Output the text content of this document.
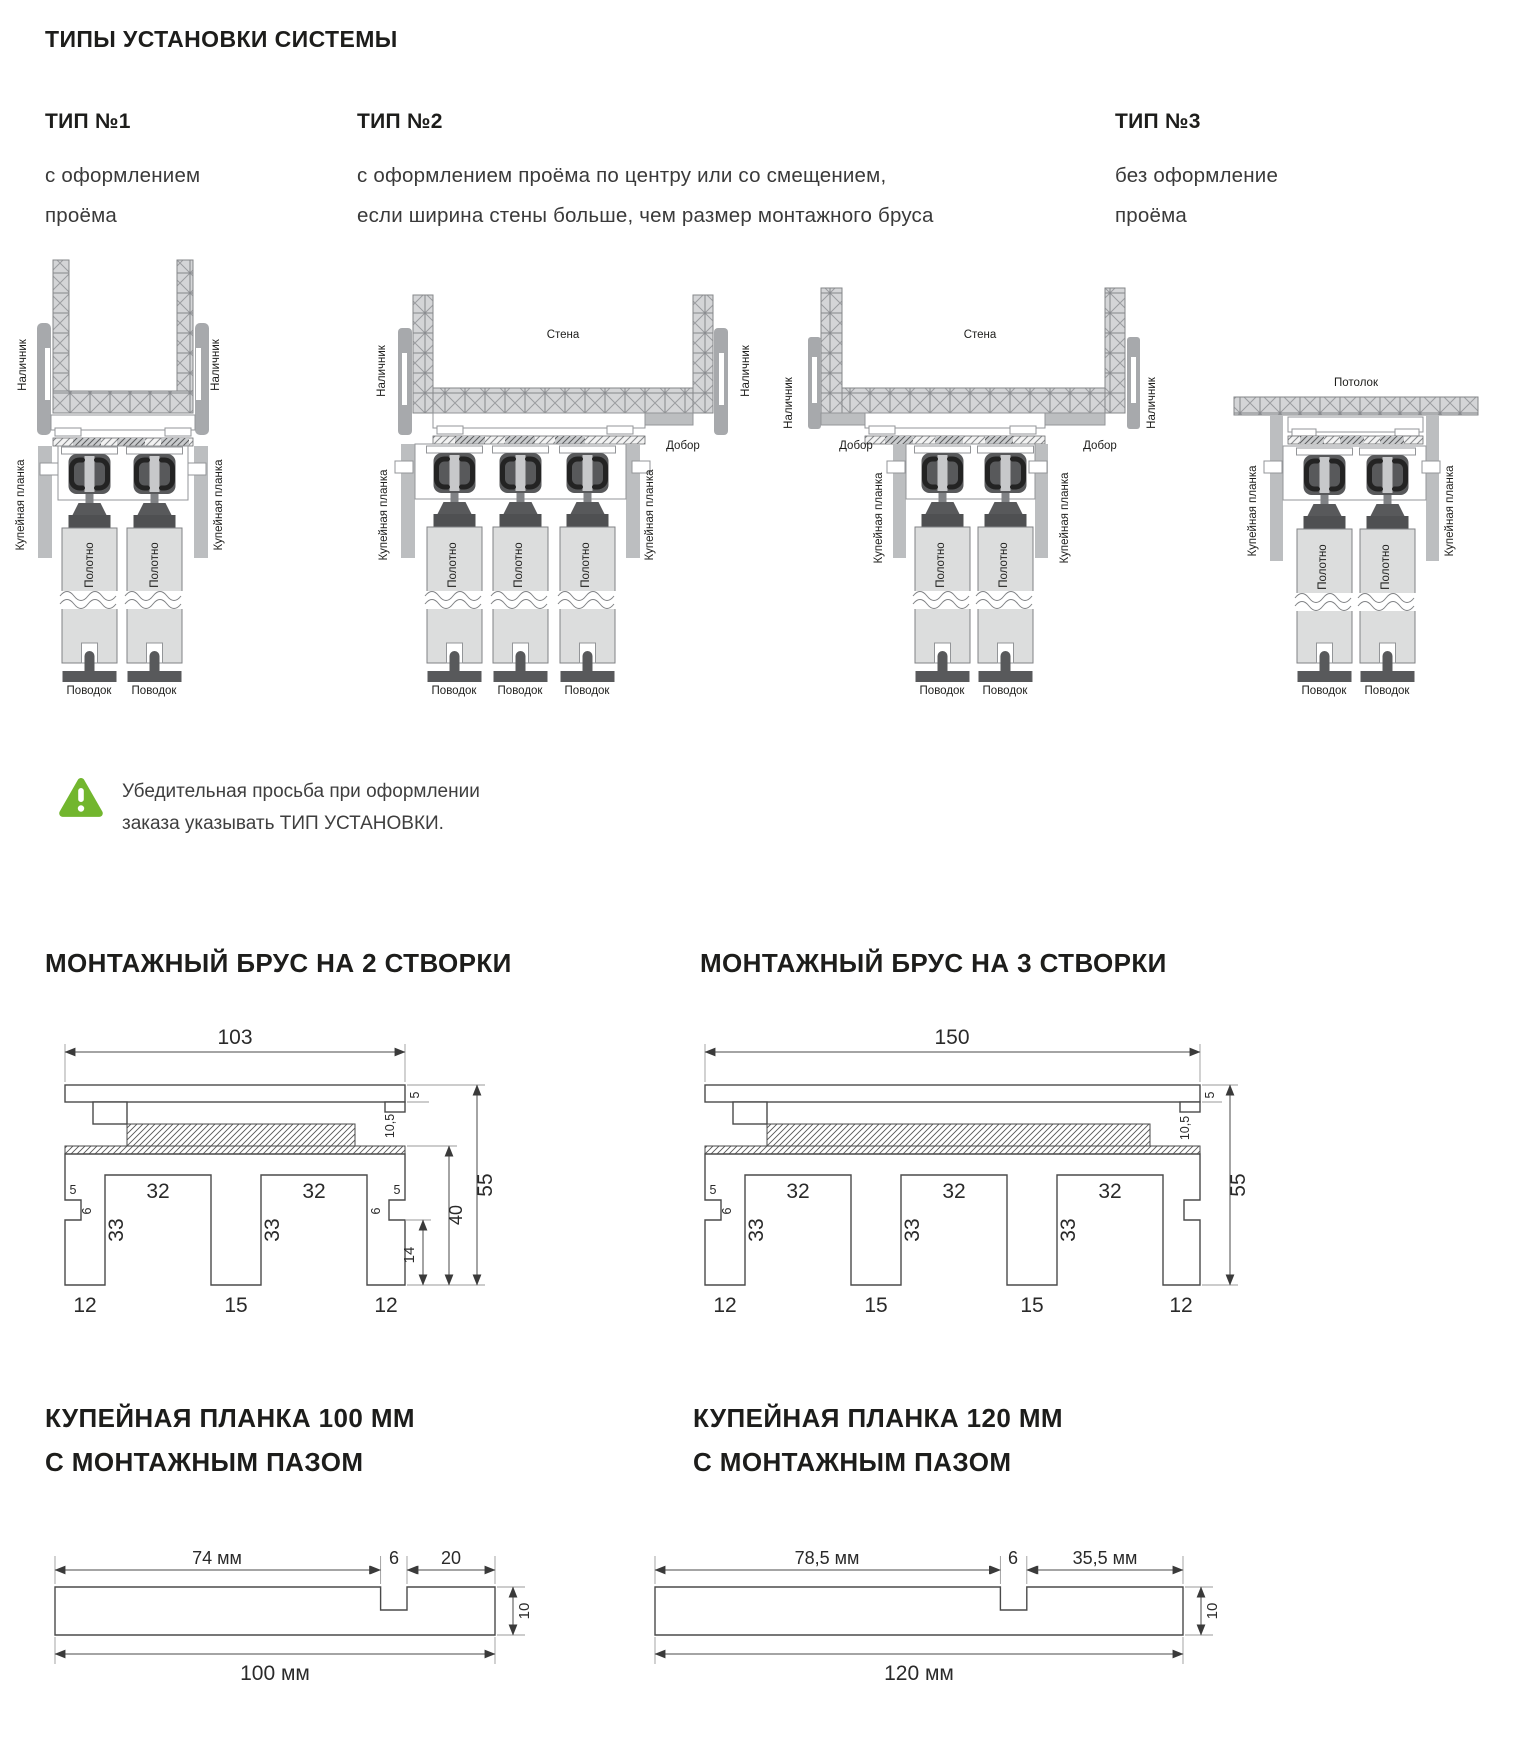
ТИПЫ УСТАНОВКИ СИСТЕМЫ
ТИП №1
с оформлением
проёма
ТИП №2
с оформлением проёма по центру или со смещением,
если ширина стены больше, чем размер монтажного бруса
ТИП №3
без оформление
проёма
Полотно	Полотно
Поводок Поводок
Наличник	Наличник
Купейная планка	Купейная планка
Стена
Полотно	Полотно	Полотно
Поводок Поводок Поводок
Добор
Наличник	Наличник
Купейная планка	Купейная планка
Стена
Полотно	Полотно
Поводок Поводок
Добор	Добор
Наличник	Наличник
Купейная планка	Купейная планка
Потолок
Полотно	Полотно
Поводок Поводок
Купейная планка	Купейная планка
Убедительная просьба при оформлении
заказа указывать ТИП УСТАНОВКИ.
МОНТАЖНЫЙ БРУС НА 2 СТВОРКИ	МОНТАЖНЫЙ БРУС НА 3 СТВОРКИ
103
32	32
33	33
5
6
5
6
12	15	12
5
10,5
14
40
55
150
32	32	32
33	33	33
5
6
12	15	15	12
5
10,5
55
КУПЕЙНАЯ ПЛАНКА 100 ММ
С МОНТАЖНЫМ ПАЗОМ
КУПЕЙНАЯ ПЛАНКА 120 ММ
С МОНТАЖНЫМ ПАЗОМ
74 мм	6 20
10
100 мм
78,5 мм	6	35,5 мм
10
120 мм
